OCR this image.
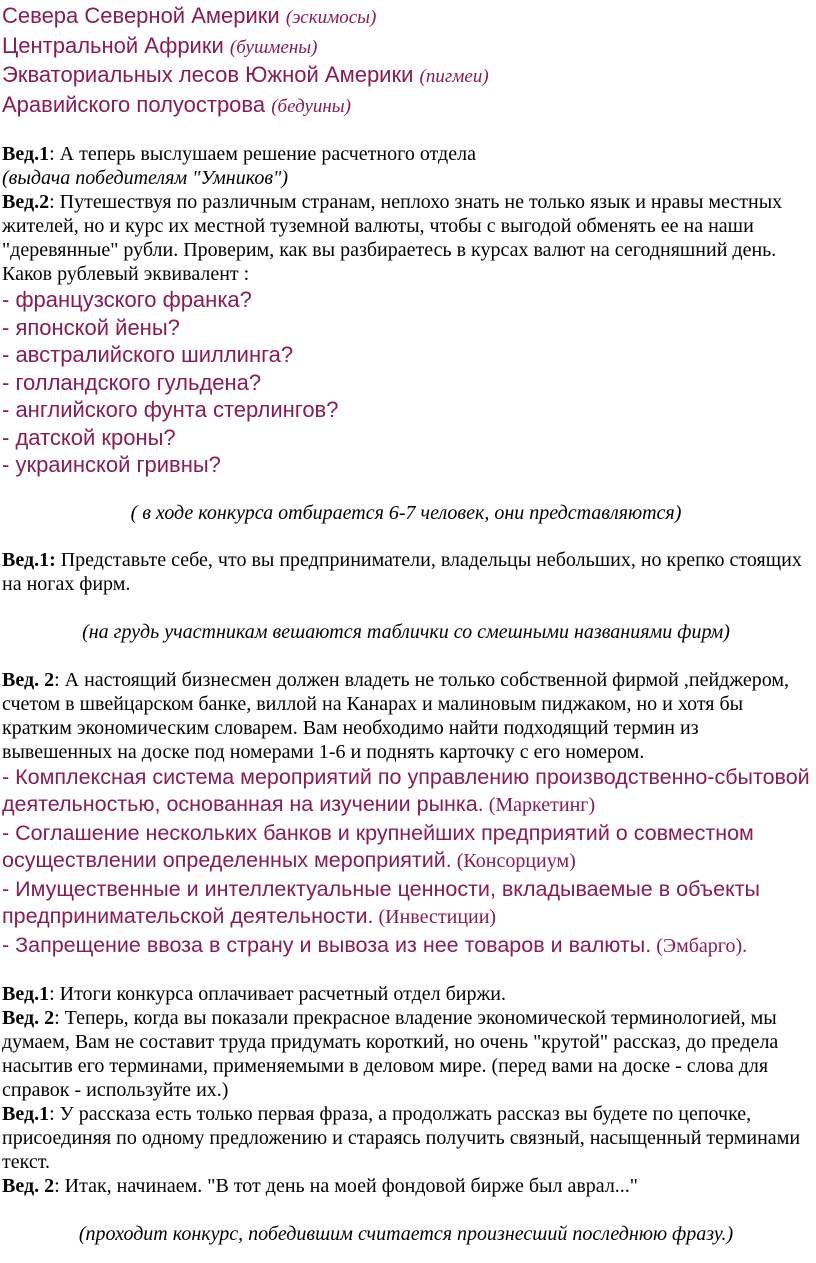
Севера Северной Америки (эскимосы)
Центральной Африки (бушмены)
Экваториальных лесов Южной Америки (пигмеи)
Аравийского полуострова (бедуины)
Вед.1: А теперь выслушаем решение расчетного отдела
(выдача победителям "Умников")
Вед.2: Путешествуя по различным странам, неплохо знать не только язык и нравы местных жителей, но и курс их местной туземной валюты, чтобы с выгодой обменять ее на наши "деревянные" рубли. Проверим, как вы разбираетесь в курсах валют на сегодняшний день. Каков рублевый эквивалент :
- французского франка?
- японской йены?
- австралийского шиллинга?
- голландского гульдена?
- английского фунта стерлингов?
- датской кроны?
- украинской гривны?
( в ходе конкурса отбирается 6-7 человек, они представляются)
Вед.1: Представьте себе, что вы предприниматели, владельцы небольших, но крепко стоящих на ногах фирм.
(на грудь участникам вешаются таблички со смешными названиями фирм)
Вед. 2: А настоящий бизнесмен должен владеть не только собственной фирмой ,пейджером, счетом в швейцарском банке, виллой на Канарах и малиновым пиджаком, но и хотя бы кратким экономическим словарем. Вам необходимо найти подходящий термин из вывешенных на доске под номерами 1-6 и поднять карточку с его номером.
- Комплексная система мероприятий по управлению производственно-сбытовой деятельностью, основанная на изучении рынка. (Маркетинг)
- Соглашение нескольких банков и крупнейших предприятий о совместном осуществлении определенных мероприятий. (Консорциум)
- Имущественные и интеллектуальные ценности, вкладываемые в объекты предпринимательской деятельности. (Инвестиции)
- Запрещение ввоза в страну и вывоза из нее товаров и валюты. (Эмбарго).
Вед.1: Итоги конкурса оплачивает расчетный отдел биржи.
Вед. 2: Теперь, когда вы показали прекрасное владение экономической терминологией, мы думаем, Вам не составит труда придумать короткий, но очень "крутой" рассказ, до предела насытив его терминами, применяемыми в деловом мире. (перед вами на доске - слова для справок - используйте их.)
Вед.1: У рассказа есть только первая фраза, а продолжать рассказ вы будете по цепочке, присоединяя по одному предложению и стараясь получить связный, насыщенный терминами текст.
Вед. 2: Итак, начинаем. "В тот день на моей фондовой бирже был аврал..."
(проходит конкурс, победившим считается произнесший последнюю фразу.)
